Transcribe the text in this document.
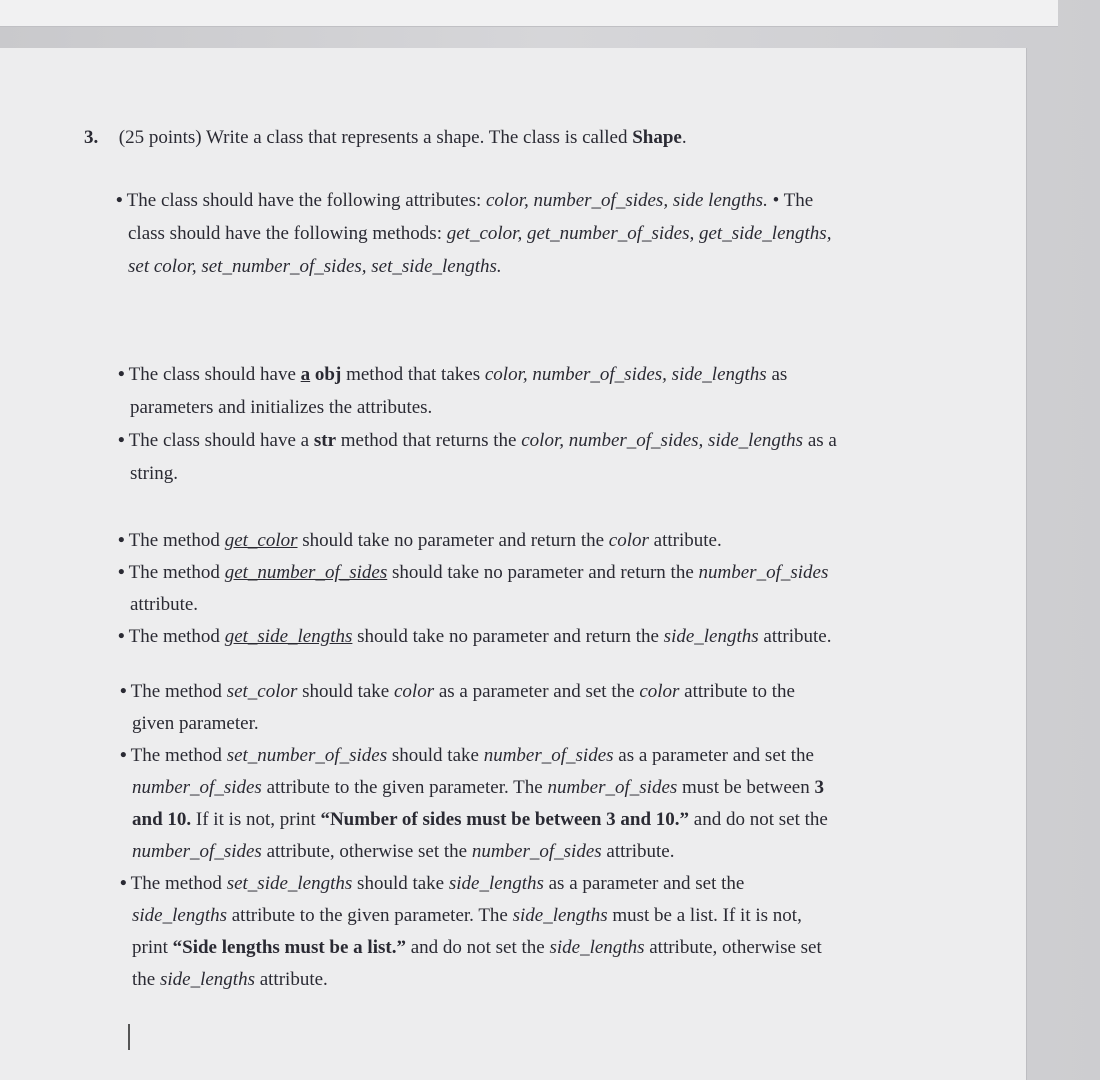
3. (25 points) Write a class that represents a shape. The class is called Shape.
• The class should have the following attributes: color, number_of_sides, side lengths. • The
class should have the following methods: get_color, get_number_of_sides, get_side_lengths,
set color, set_number_of_sides, set_side_lengths.
• The class should have a obj method that takes color, number_of_sides, side_lengths as
parameters and initializes the attributes.
• The class should have a str method that returns the color, number_of_sides, side_lengths as a
string.
• The method get_color should take no parameter and return the color attribute.
• The method get_number_of_sides should take no parameter and return the number_of_sides
attribute.
• The method get_side_lengths should take no parameter and return the side_lengths attribute.
• The method set_color should take color as a parameter and set the color attribute to the
given parameter.
• The method set_number_of_sides should take number_of_sides as a parameter and set the
number_of_sides attribute to the given parameter. The number_of_sides must be between 3
and 10. If it is not, print “Number of sides must be between 3 and 10.” and do not set the
number_of_sides attribute, otherwise set the number_of_sides attribute.
• The method set_side_lengths should take side_lengths as a parameter and set the
side_lengths attribute to the given parameter. The side_lengths must be a list. If it is not,
print “Side lengths must be a list.” and do not set the side_lengths attribute, otherwise set
the side_lengths attribute.
